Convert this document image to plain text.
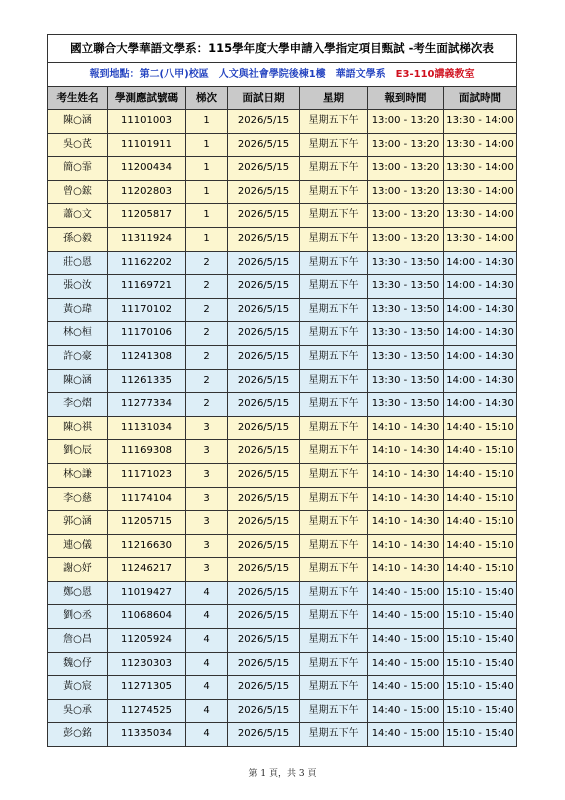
國立聯合大學華語文學系：115學年度大學申請入學指定項目甄試 -考生面試梯次表						
報到地點：第二(八甲)校區　人文與社會學院後棟1樓　華語文學系　 E3-110講義教室						
考生姓名	學測應試號碼	梯次	面試日期	星期	報到時間	面試時間
陳○涵	11101003	1	2026/5/15	星期五下午	13:00 - 13:20	13:30 - 14:00
吳○芪	11101911	1	2026/5/15	星期五下午	13:00 - 13:20	13:30 - 14:00
簡○霏	11200434	1	2026/5/15	星期五下午	13:00 - 13:20	13:30 - 14:00
曾○鋐	11202803	1	2026/5/15	星期五下午	13:00 - 13:20	13:30 - 14:00
蕭○文	11205817	1	2026/5/15	星期五下午	13:00 - 13:20	13:30 - 14:00
孫○毅	11311924	1	2026/5/15	星期五下午	13:00 - 13:20	13:30 - 14:00
莊○恩	11162202	2	2026/5/15	星期五下午	13:30 - 13:50	14:00 - 14:30
張○汝	11169721	2	2026/5/15	星期五下午	13:30 - 13:50	14:00 - 14:30
黃○瑋	11170102	2	2026/5/15	星期五下午	13:30 - 13:50	14:00 - 14:30
林○桓	11170106	2	2026/5/15	星期五下午	13:30 - 13:50	14:00 - 14:30
許○豪	11241308	2	2026/5/15	星期五下午	13:30 - 13:50	14:00 - 14:30
陳○涵	11261335	2	2026/5/15	星期五下午	13:30 - 13:50	14:00 - 14:30
李○熠	11277334	2	2026/5/15	星期五下午	13:30 - 13:50	14:00 - 14:30
陳○祺	11131034	3	2026/5/15	星期五下午	14:10 - 14:30	14:40 - 15:10
劉○辰	11169308	3	2026/5/15	星期五下午	14:10 - 14:30	14:40 - 15:10
林○謙	11171023	3	2026/5/15	星期五下午	14:10 - 14:30	14:40 - 15:10
李○慈	11174104	3	2026/5/15	星期五下午	14:10 - 14:30	14:40 - 15:10
郭○涵	11205715	3	2026/5/15	星期五下午	14:10 - 14:30	14:40 - 15:10
連○儀	11216630	3	2026/5/15	星期五下午	14:10 - 14:30	14:40 - 15:10
謝○妤	11246217	3	2026/5/15	星期五下午	14:10 - 14:30	14:40 - 15:10
鄭○恩	11019427	4	2026/5/15	星期五下午	14:40 - 15:00	15:10 - 15:40
劉○丞	11068604	4	2026/5/15	星期五下午	14:40 - 15:00	15:10 - 15:40
詹○昌	11205924	4	2026/5/15	星期五下午	14:40 - 15:00	15:10 - 15:40
魏○伃	11230303	4	2026/5/15	星期五下午	14:40 - 15:00	15:10 - 15:40
黃○宸	11271305	4	2026/5/15	星期五下午	14:40 - 15:00	15:10 - 15:40
吳○承	11274525	4	2026/5/15	星期五下午	14:40 - 15:00	15:10 - 15:40
彭○銘	11335034	4	2026/5/15	星期五下午	14:40 - 15:00	15:10 - 15:40
第 1 頁，共 3 頁
